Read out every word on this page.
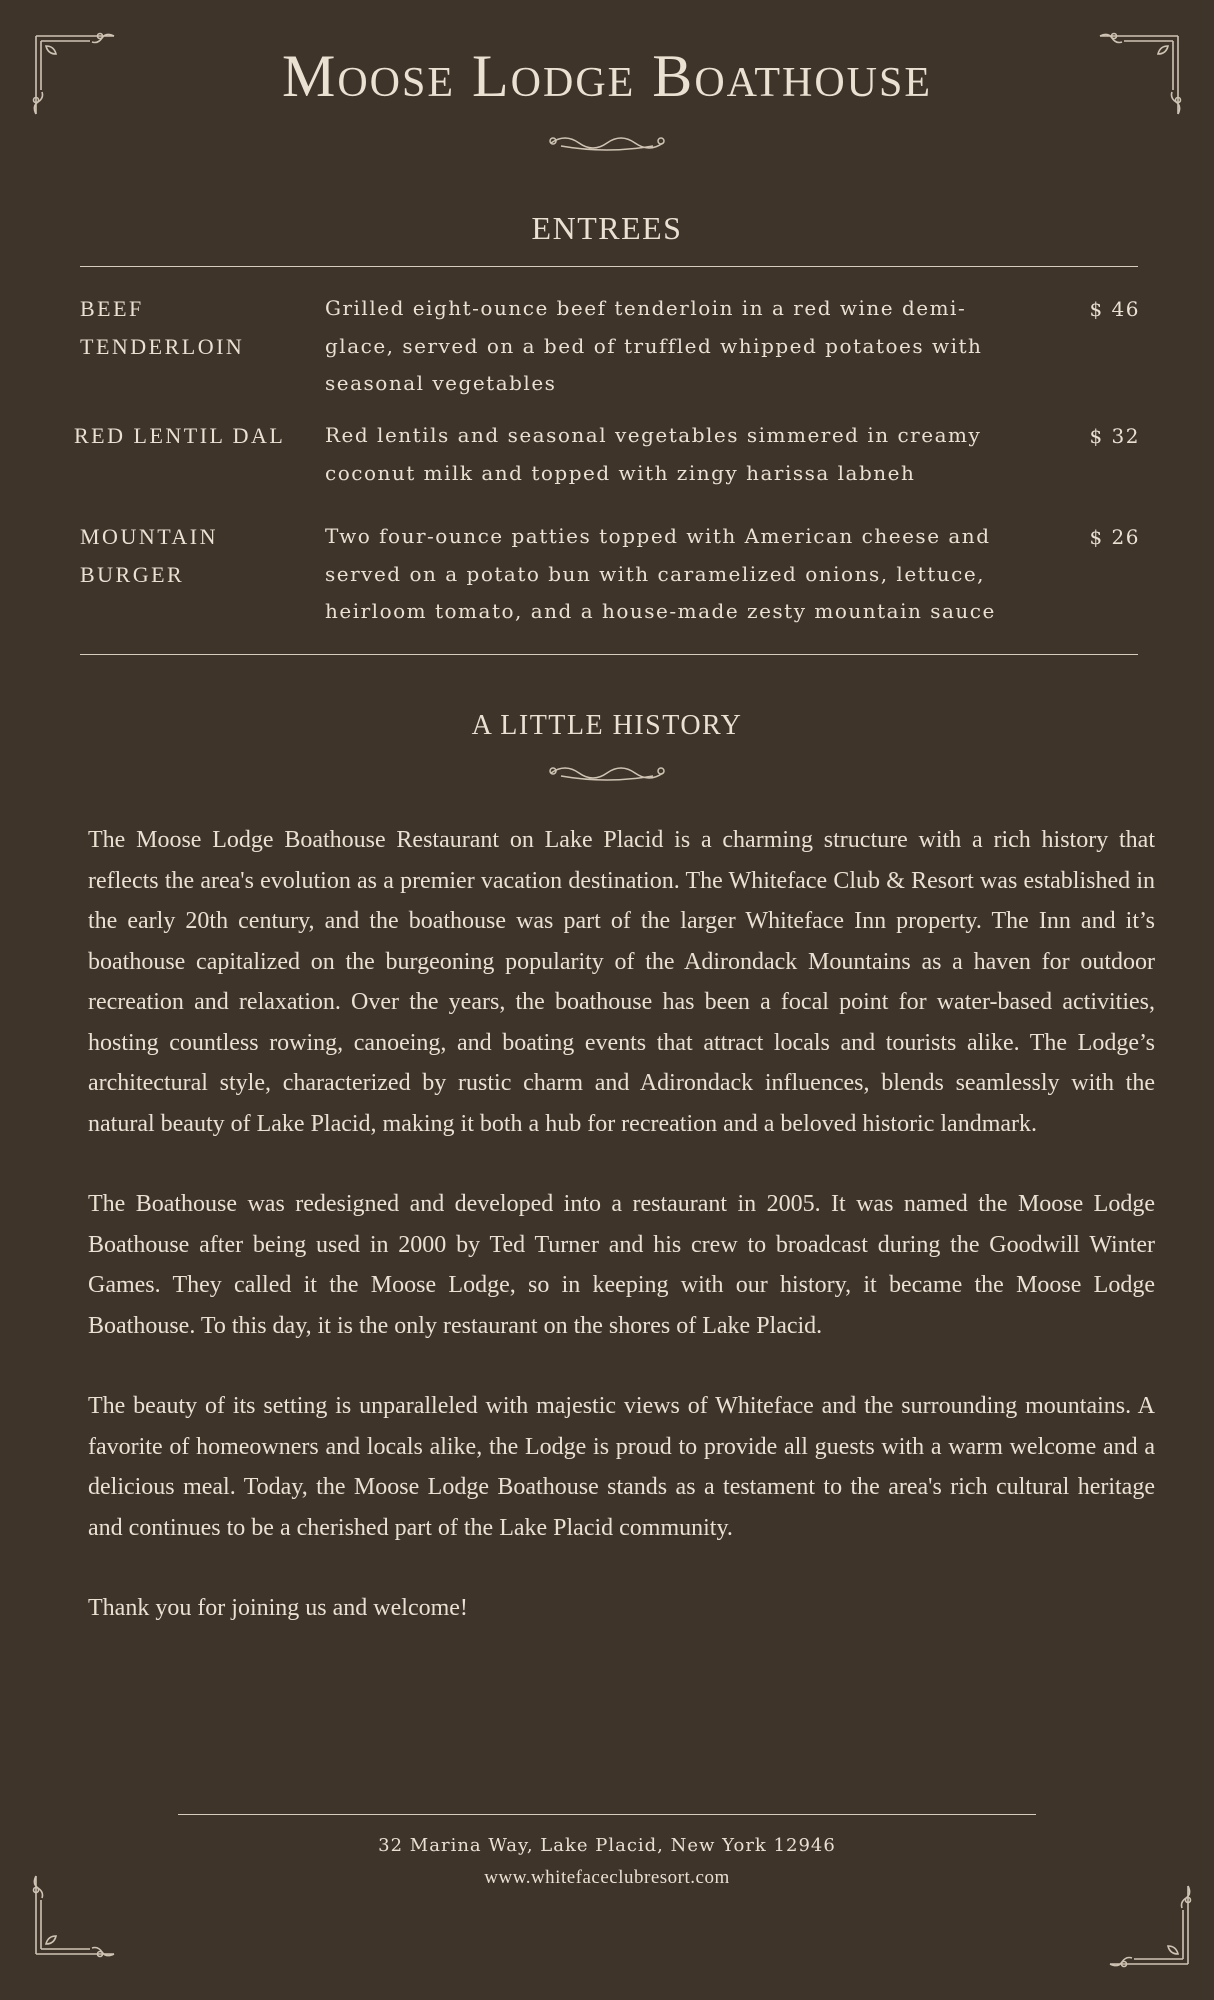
Moose Lodge Boathouse
ENTREES
BEEF TENDERLOIN
Grilled eight-ounce beef tenderloin in a red wine demi-glace, served on a bed of truffled whipped potatoes with seasonal vegetables
$ 46
RED LENTIL DAL	Red lentils and seasonal vegetables simmered in creamy coconut milk and topped with zingy harissa labneh
$ 32
MOUNTAIN BURGER
Two four-ounce patties topped with American cheese and served on a potato bun with caramelized onions, lettuce, heirloom tomato, and a house-made zesty mountain sauce
$ 26
A LITTLE HISTORY

The Moose Lodge Boathouse Restaurant on Lake Placid is a charming structure with a rich history that reflects the area's evolution as a premier vacation destination. The Whiteface Club & Resort was established in the early 20th century, and the boathouse was part of the larger Whiteface Inn property. The Inn and it’s boathouse capitalized on the burgeoning popularity of the Adirondack Mountains as a haven for outdoor recreation and relaxation. Over the years, the boathouse has been a focal point for water-based activities, hosting countless rowing, canoeing, and boating events that attract locals and tourists alike. The Lodge’s architectural style, characterized by rustic charm and Adirondack influences, blends seamlessly with the natural beauty of Lake Placid, making it both a hub for recreation and a beloved historic landmark.

The Boathouse was redesigned and developed into a restaurant in 2005. It was named the Moose Lodge Boathouse after being used in 2000 by Ted Turner and his crew to broadcast during the Goodwill Winter Games. They called it the Moose Lodge, so in keeping with our history, it became the Moose Lodge Boathouse. To this day, it is the only restaurant on the shores of Lake Placid.

The beauty of its setting is unparalleled with majestic views of Whiteface and the surrounding mountains. A favorite of homeowners and locals alike, the Lodge is proud to provide all guests with a warm welcome and a delicious meal. Today, the Moose Lodge Boathouse stands as a testament to the area's rich cultural heritage and continues to be a cherished part of the Lake Placid community.

Thank you for joining us and welcome!

32 Marina Way, Lake Placid, New York 12946
www.whitefaceclubresort.com
